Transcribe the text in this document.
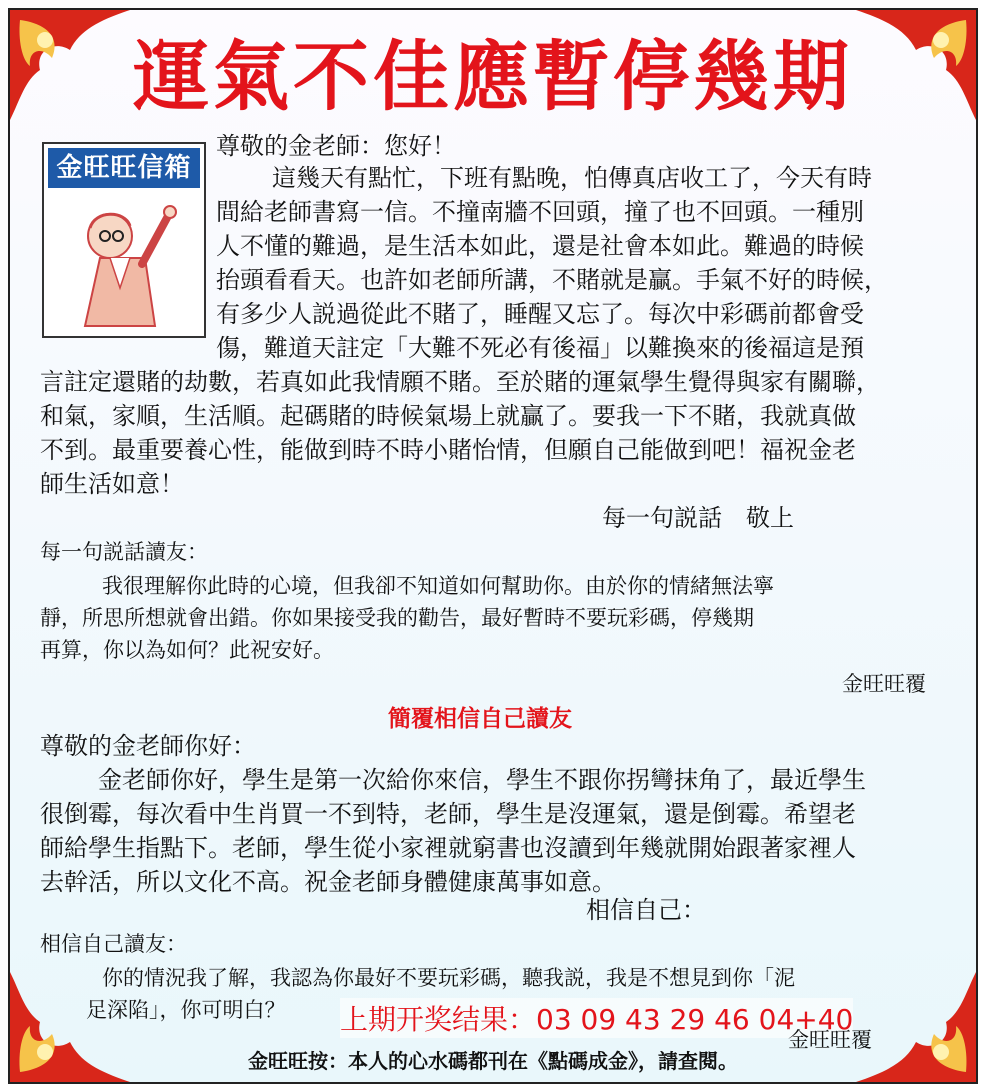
運氣不佳應暫停幾期
金旺旺信箱
尊敬的金老師：您好！
這幾天有點忙，下班有點晚，怕傳真店收工了，今天有時
間給老師書寫一信。不撞南牆不回頭，撞了也不回頭。一種別
人不懂的難過，是生活本如此，還是社會本如此。難過的時候
抬頭看看天。也許如老師所講，不賭就是贏。手氣不好的時候，
有多少人説過從此不賭了，睡醒又忘了。每次中彩碼前都會受
傷，難道天註定「大難不死必有後福」以難換來的後福這是預
言註定還賭的劫數，若真如此我情願不賭。至於賭的運氣學生覺得與家有關聯，
和氣，家順，生活順。起碼賭的時候氣場上就贏了。要我一下不賭，我就真做
不到。最重要養心性，能做到時不時小賭怡情，但願自己能做到吧！福祝金老
師生活如意！
每一句説話　敬上
每一句説話讀友：
我很理解你此時的心境，但我卻不知道如何幫助你。由於你的情緒無法寧
靜，所思所想就會出錯。你如果接受我的勸告，最好暫時不要玩彩碼，停幾期
再算，你以為如何？此祝安好。
金旺旺覆
簡覆相信自己讀友
尊敬的金老師你好：
金老師你好，學生是第一次給你來信，學生不跟你拐彎抹角了，最近學生
很倒霉，每次看中生肖買一不到特，老師，學生是沒運氣，還是倒霉。希望老
師給學生指點下。老師，學生從小家裡就窮書也沒讀到年幾就開始跟著家裡人
去幹活，所以文化不高。祝金老師身體健康萬事如意。
相信自己：
相信自己讀友：
你的情況我了解，我認為你最好不要玩彩碼，聽我説，我是不想見到你「泥
足深陷」，你可明白？ 上期开奖结果：03 09 43 29 46 04+40
金旺旺覆
金旺旺按：本人的心水碼都刊在《點碼成金》，請查閱。
